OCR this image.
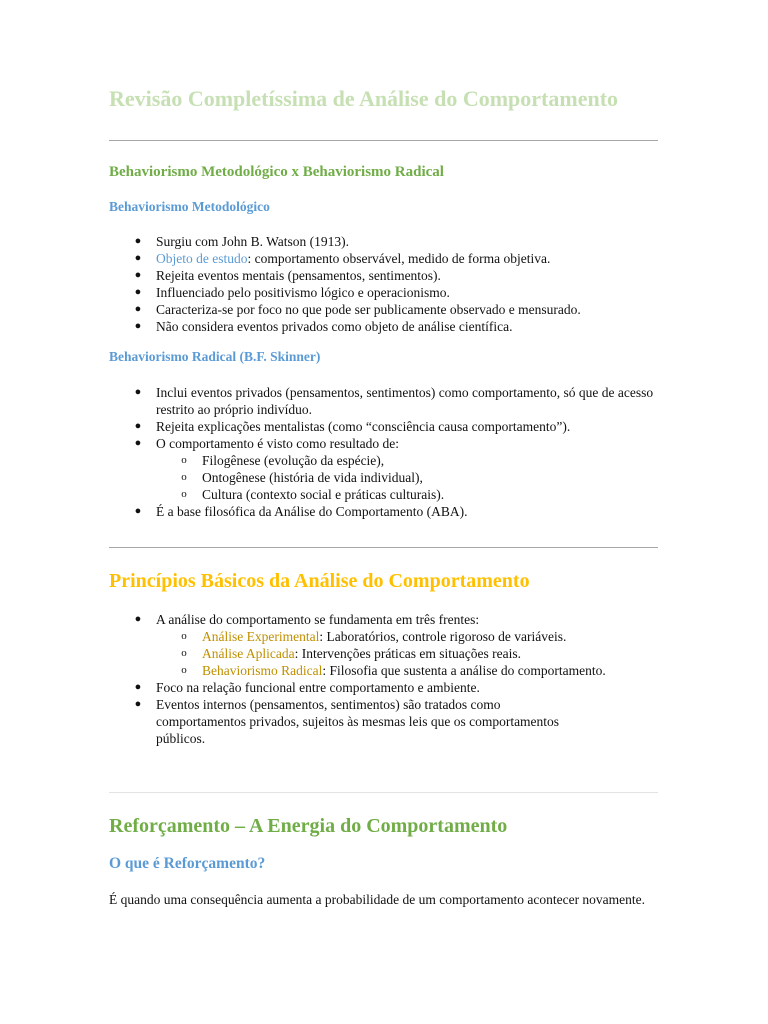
Revisão Completíssima de Análise do Comportamento
Behaviorismo Metodológico x Behaviorismo Radical
Behaviorismo Metodológico
● Surgiu com John B. Watson (1913).
● Objeto de estudo: comportamento observável, medido de forma objetiva.
● Rejeita eventos mentais (pensamentos, sentimentos).
● Influenciado pelo positivismo lógico e operacionismo.
● Caracteriza-se por foco no que pode ser publicamente observado e mensurado.
● Não considera eventos privados como objeto de análise científica.
Behaviorismo Radical (B.F. Skinner)
● Inclui eventos privados (pensamentos, sentimentos) como comportamento, só que de acesso restrito ao próprio indivíduo.
● Rejeita explicações mentalistas (como “consciência causa comportamento”).
● O comportamento é visto como resultado de:
o Filogênese (evolução da espécie),
o Ontogênese (história de vida individual),
o Cultura (contexto social e práticas culturais).
● É a base filosófica da Análise do Comportamento (ABA).
Princípios Básicos da Análise do Comportamento
● A análise do comportamento se fundamenta em três frentes:
o Análise Experimental: Laboratórios, controle rigoroso de variáveis.
o Análise Aplicada: Intervenções práticas em situações reais.
o Behaviorismo Radical: Filosofia que sustenta a análise do comportamento.
● Foco na relação funcional entre comportamento e ambiente.
● Eventos internos (pensamentos, sentimentos) são tratados como comportamentos privados, sujeitos às mesmas leis que os comportamentos públicos.
Reforçamento – A Energia do Comportamento
O que é Reforçamento?

É quando uma consequência aumenta a probabilidade de um comportamento acontecer novamente.
